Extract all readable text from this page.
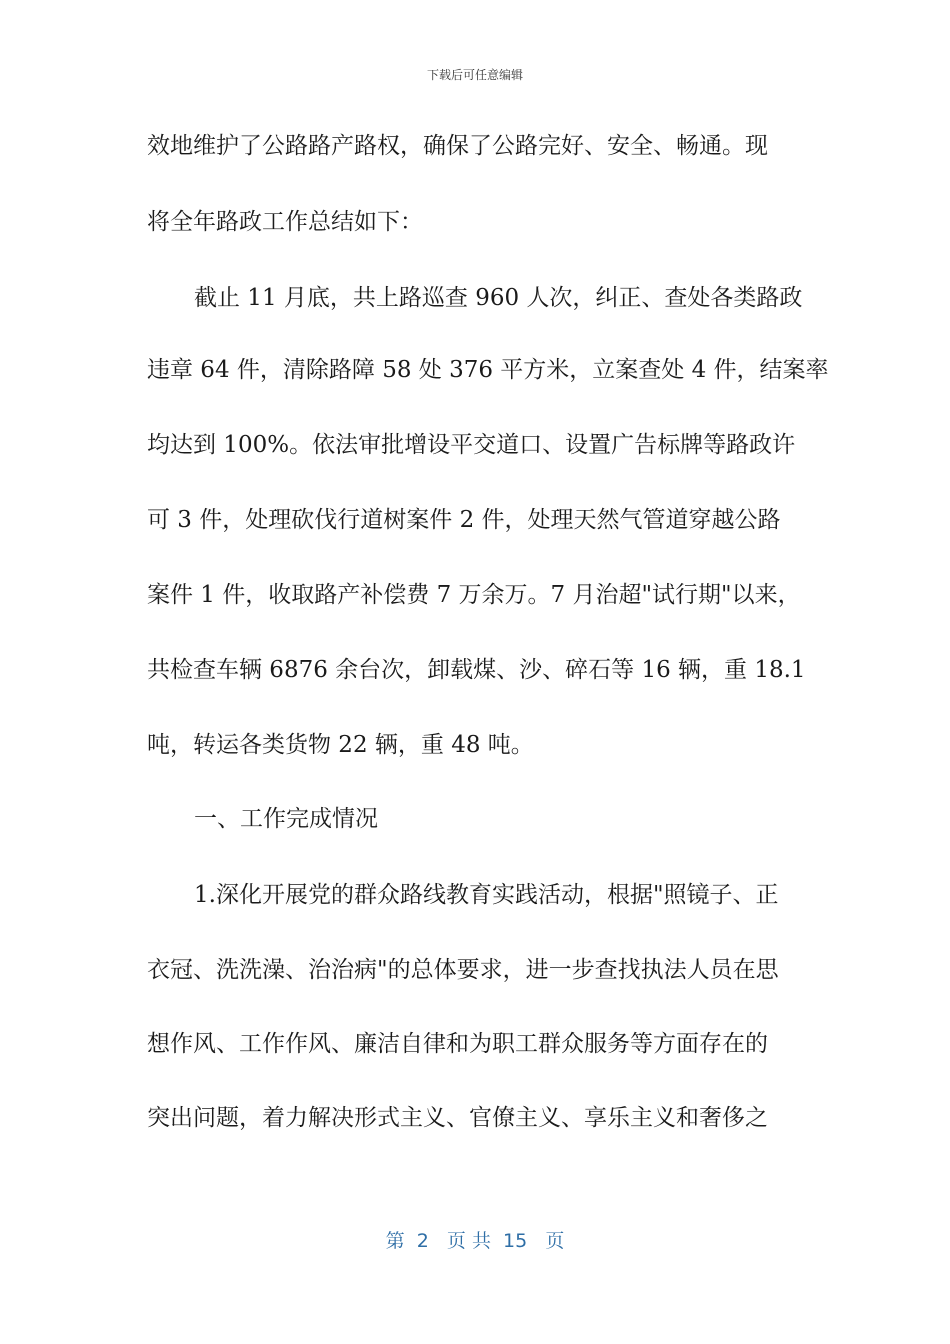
下载后可任意编辑
效地维护了公路路产路权，确保了公路完好、安全、畅通。现
将全年路政工作总结如下：
截止 11 月底，共上路巡查 960 人次，纠正、查处各类路政
违章 64 件，清除路障 58 处 376 平方米，立案查处 4 件，结案率
均达到 100%。依法审批增设平交道口、设置广告标牌等路政许
可 3 件，处理砍伐行道树案件 2 件，处理天然气管道穿越公路
案件 1 件，收取路产补偿费 7 万余万。7 月治超"试行期"以来，
共检查车辆 6876 余台次，卸载煤、沙、碎石等 16 辆，重 18.1
吨，转运各类货物 22 辆，重 48 吨。
一、工作完成情况
1.深化开展党的群众路线教育实践活动，根据"照镜子、正
衣冠、洗洗澡、治治病"的总体要求，进一步查找执法人员在思
想作风、工作作风、廉洁自律和为职工群众服务等方面存在的
突出问题，着力解决形式主义、官僚主义、享乐主义和奢侈之
第  2   页 共  15   页
